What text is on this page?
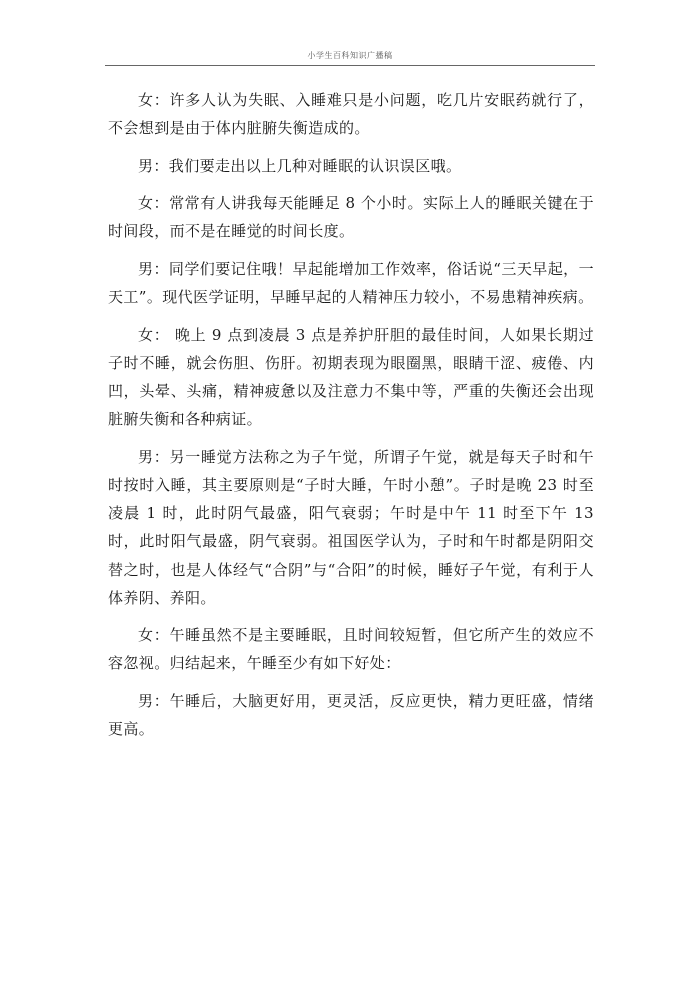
小学生百科知识广播稿

女：许多人认为失眠、入睡难只是小问题，吃几片安眠药就行了，不会想到是由于体内脏腑失衡造成的。

男：我们要走出以上几种对睡眠的认识误区哦。

女：常常有人讲我每天能睡足 8 个小时。实际上人的睡眠关键在于时间段，而不是在睡觉的时间长度。

男：同学们要记住哦！早起能增加工作效率，俗话说“三天早起，一天工”。现代医学证明，早睡早起的人精神压力较小，不易患精神疾病。

女： 晚上 9 点到凌晨 3 点是养护肝胆的最佳时间，人如果长期过子时不睡，就会伤胆、伤肝。初期表现为眼圈黑，眼睛干涩、疲倦、内凹，头晕、头痛，精神疲惫以及注意力不集中等，严重的失衡还会出现脏腑失衡和各种病证。

男：另一睡觉方法称之为子午觉，所谓子午觉，就是每天子时和午时按时入睡，其主要原则是“子时大睡，午时小憩”。子时是晚 23 时至凌晨 1 时，此时阴气最盛，阳气衰弱；午时是中午 11 时至下午 13 时，此时阳气最盛，阴气衰弱。祖国医学认为，子时和午时都是阴阳交替之时，也是人体经气“合阴”与“合阳”的时候，睡好子午觉，有利于人体养阴、养阳。

女：午睡虽然不是主要睡眠，且时间较短暂，但它所产生的效应不容忽视。归结起来，午睡至少有如下好处：

男：午睡后，大脑更好用，更灵活，反应更快，精力更旺盛，情绪更高。
